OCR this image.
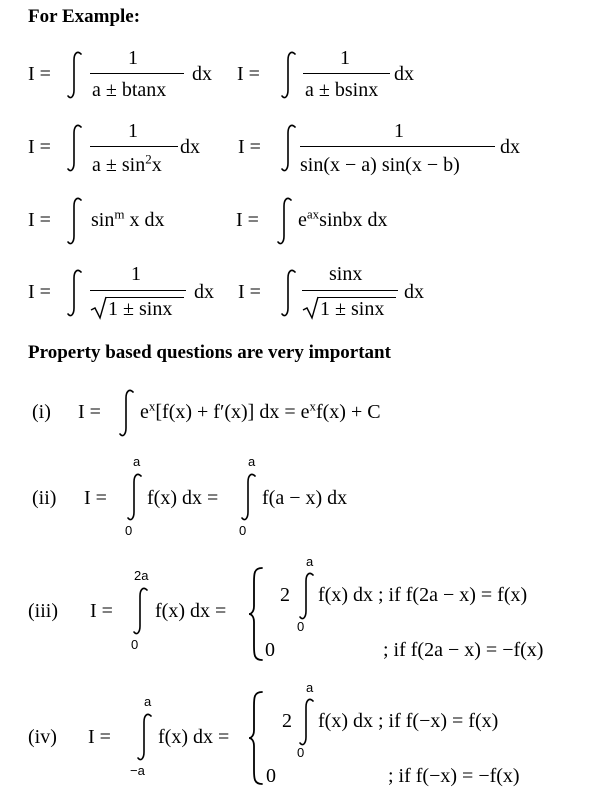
For Example:
I =
1
a ± btanx
dx I =
1
a ± bsinx
dx
I =
1
$a \pm \sin^2x$
dx I =
1
sin(x − a) sin(x − b)
dx
$I = \sin^m x$ dx	$I = e^{ax}sinbx$ dx
I =
1
1 ± sinx
dx I =
sinx
1 ± sinx
dx
Property based questions are very important
(i) $I = e^x[f(x) + f'(x)]$ dx = $e^xf(x) + C$
(ii) I =
a
0
f(x) dx =
a
0
f(a − x) dx
(iii) I =
2a
0
f(x) dx =
2
a
0
f(x) dx ; if f(2a − x) = f(x)
0	; if f(2a − x) = −f(x)
(iv) I =
a
−a
f(x) dx =
2
a
0
f(x) dx ; if f(−x) = f(x)
0	; if f(−x) = −f(x)
